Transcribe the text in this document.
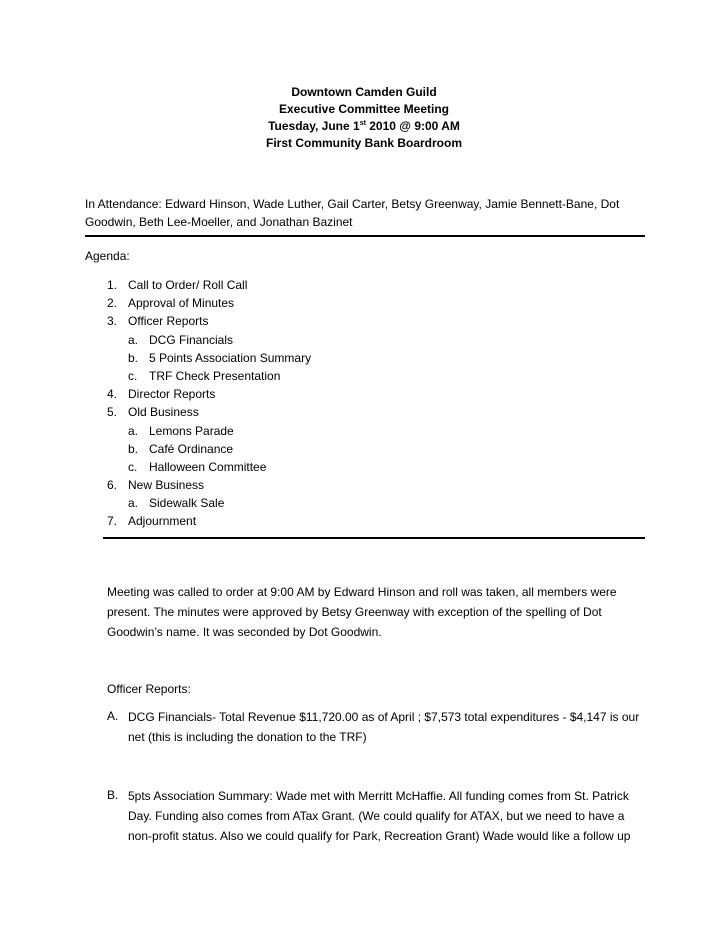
Downtown Camden Guild
Executive Committee Meeting
Tuesday, June 1st 2010 @ 9:00 AM
First Community Bank Boardroom
In Attendance: Edward Hinson, Wade Luther, Gail Carter, Betsy Greenway, Jamie Bennett-Bane, Dot Goodwin, Beth Lee-Moeller, and Jonathan Bazinet
Agenda:
1. Call to Order/ Roll Call
2. Approval of Minutes
3. Officer Reports
a. DCG Financials
b. 5 Points Association Summary
c. TRF Check Presentation
4. Director Reports
5. Old Business
a. Lemons Parade
b. Café Ordinance
c. Halloween Committee
6. New Business
a. Sidewalk Sale
7. Adjournment
Meeting was called to order at 9:00 AM by Edward Hinson and roll was taken, all members were present. The minutes were approved by Betsy Greenway with exception of the spelling of Dot Goodwin’s name. It was seconded by Dot Goodwin.
Officer Reports:
A. DCG Financials- Total Revenue $11,720.00 as of April ; $7,573 total expenditures - $4,147 is our net (this is including the donation to the TRF)
B. 5pts Association Summary: Wade met with Merritt McHaffie. All funding comes from St. Patrick Day. Funding also comes from ATax Grant. (We could qualify for ATAX, but we need to have a non-profit status. Also we could qualify for Park, Recreation Grant) Wade would like a follow up
